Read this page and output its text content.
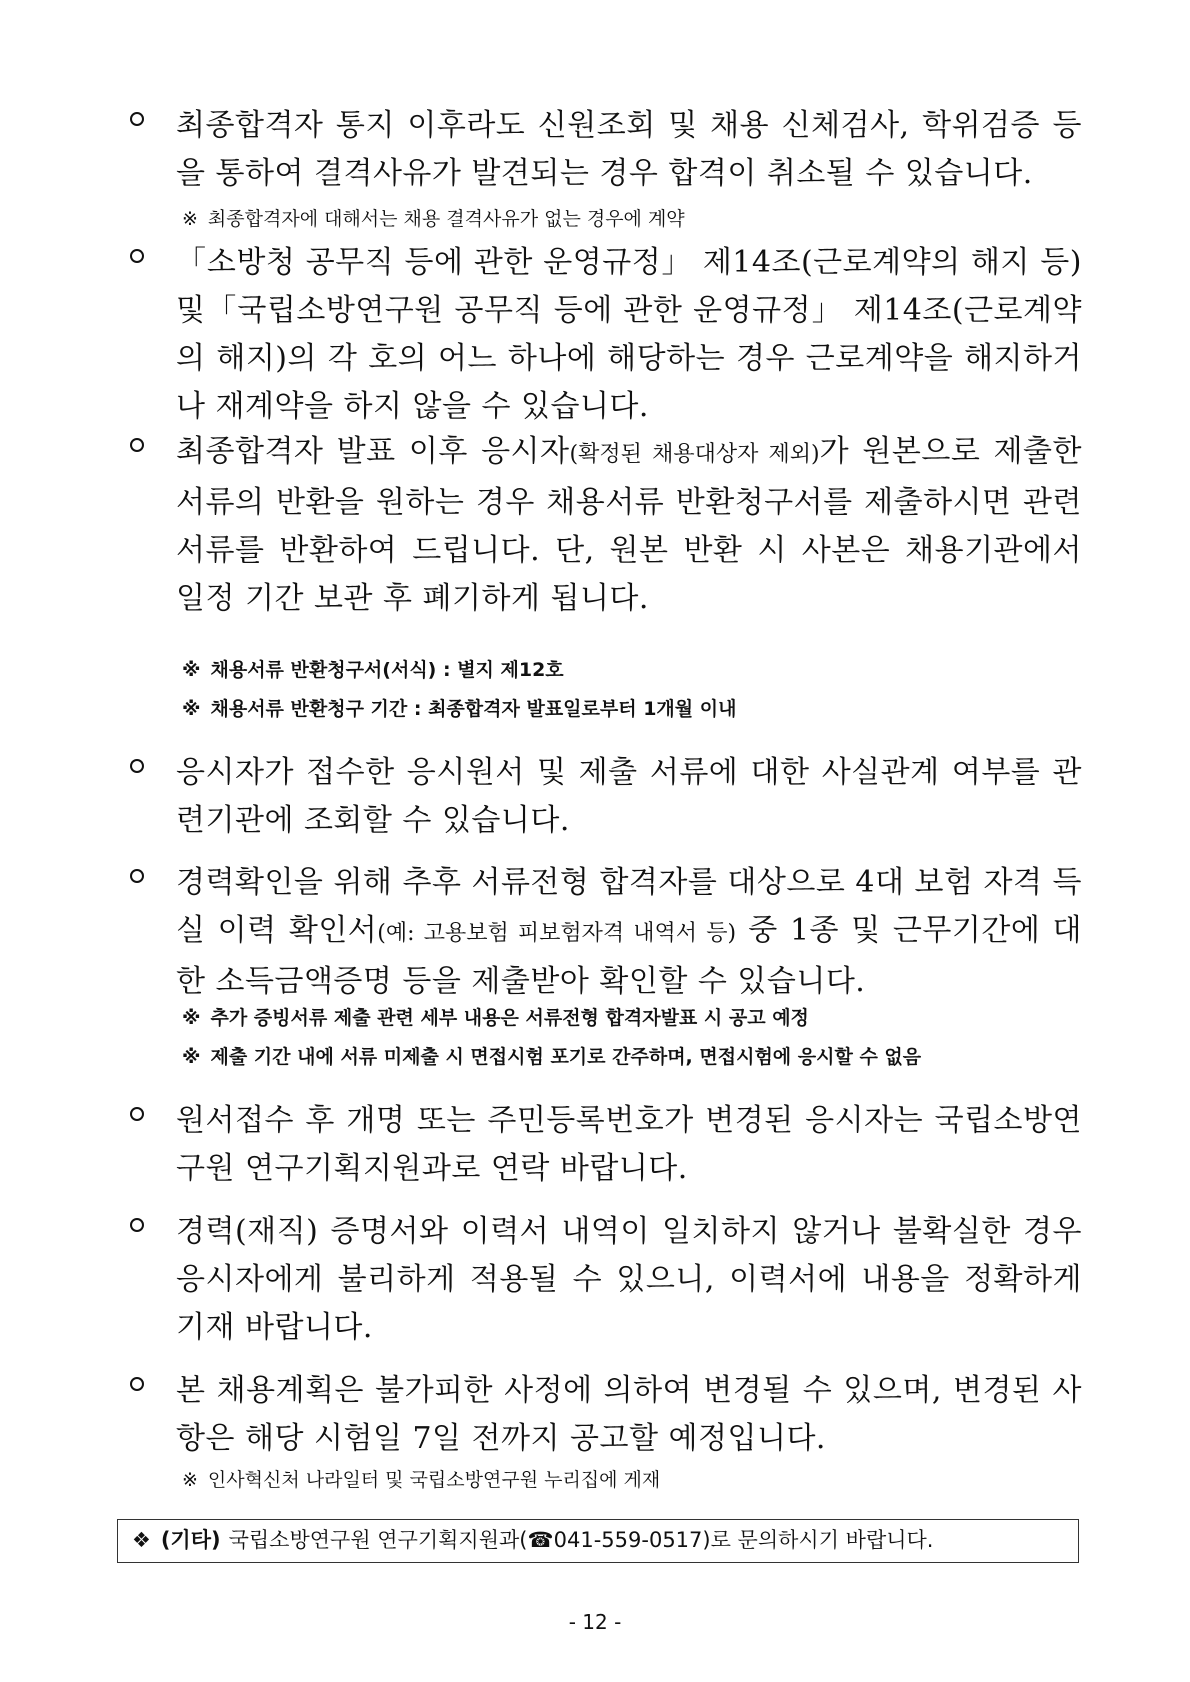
최종합격자 통지 이후라도 신원조회 및 채용 신체검사, 학위검증 등을 통하여 결격사유가 발견되는 경우 합격이 취소될 수 있습니다.
※ 최종합격자에 대해서는 채용 결격사유가 없는 경우에 계약
「소방청 공무직 등에 관한 운영규정」 제14조(근로계약의 해지 등) 및「국립소방연구원 공무직 등에 관한 운영규정」 제14조(근로계약의 해지)의 각 호의 어느 하나에 해당하는 경우 근로계약을 해지하거나 재계약을 하지 않을 수 있습니다.
최종합격자 발표 이후 응시자(확정된 채용대상자 제외)가 원본으로 제출한 서류의 반환을 원하는 경우 채용서류 반환청구서를 제출하시면 관련 서류를 반환하여 드립니다. 단, 원본 반환 시 사본은 채용기관에서 일정 기간 보관 후 폐기하게 됩니다.
※ 채용서류 반환청구서(서식) : 별지 제12호
※ 채용서류 반환청구 기간 : 최종합격자 발표일로부터 1개월 이내
응시자가 접수한 응시원서 및 제출 서류에 대한 사실관계 여부를 관련기관에 조회할 수 있습니다.
경력확인을 위해 추후 서류전형 합격자를 대상으로 4대 보험 자격 득실 이력 확인서(예: 고용보험 피보험자격 내역서 등) 중 1종 및 근무기간에 대한 소득금액증명 등을 제출받아 확인할 수 있습니다.
※ 추가 증빙서류 제출 관련 세부 내용은 서류전형 합격자발표 시 공고 예정
※ 제출 기간 내에 서류 미제출 시 면접시험 포기로 간주하며, 면접시험에 응시할 수 없음
원서접수 후 개명 또는 주민등록번호가 변경된 응시자는 국립소방연구원 연구기획지원과로 연락 바랍니다.
경력(재직) 증명서와 이력서 내역이 일치하지 않거나 불확실한 경우 응시자에게 불리하게 적용될 수 있으니, 이력서에 내용을 정확하게 기재 바랍니다.
본 채용계획은 불가피한 사정에 의하여 변경될 수 있으며, 변경된 사항은 해당 시험일 7일 전까지 공고할 예정입니다.
※ 인사혁신처 나라일터 및 국립소방연구원 누리집에 게재
❖ (기타) 국립소방연구원 연구기획지원과(☎041-559-0517)로 문의하시기 바랍니다.
- 12 -
